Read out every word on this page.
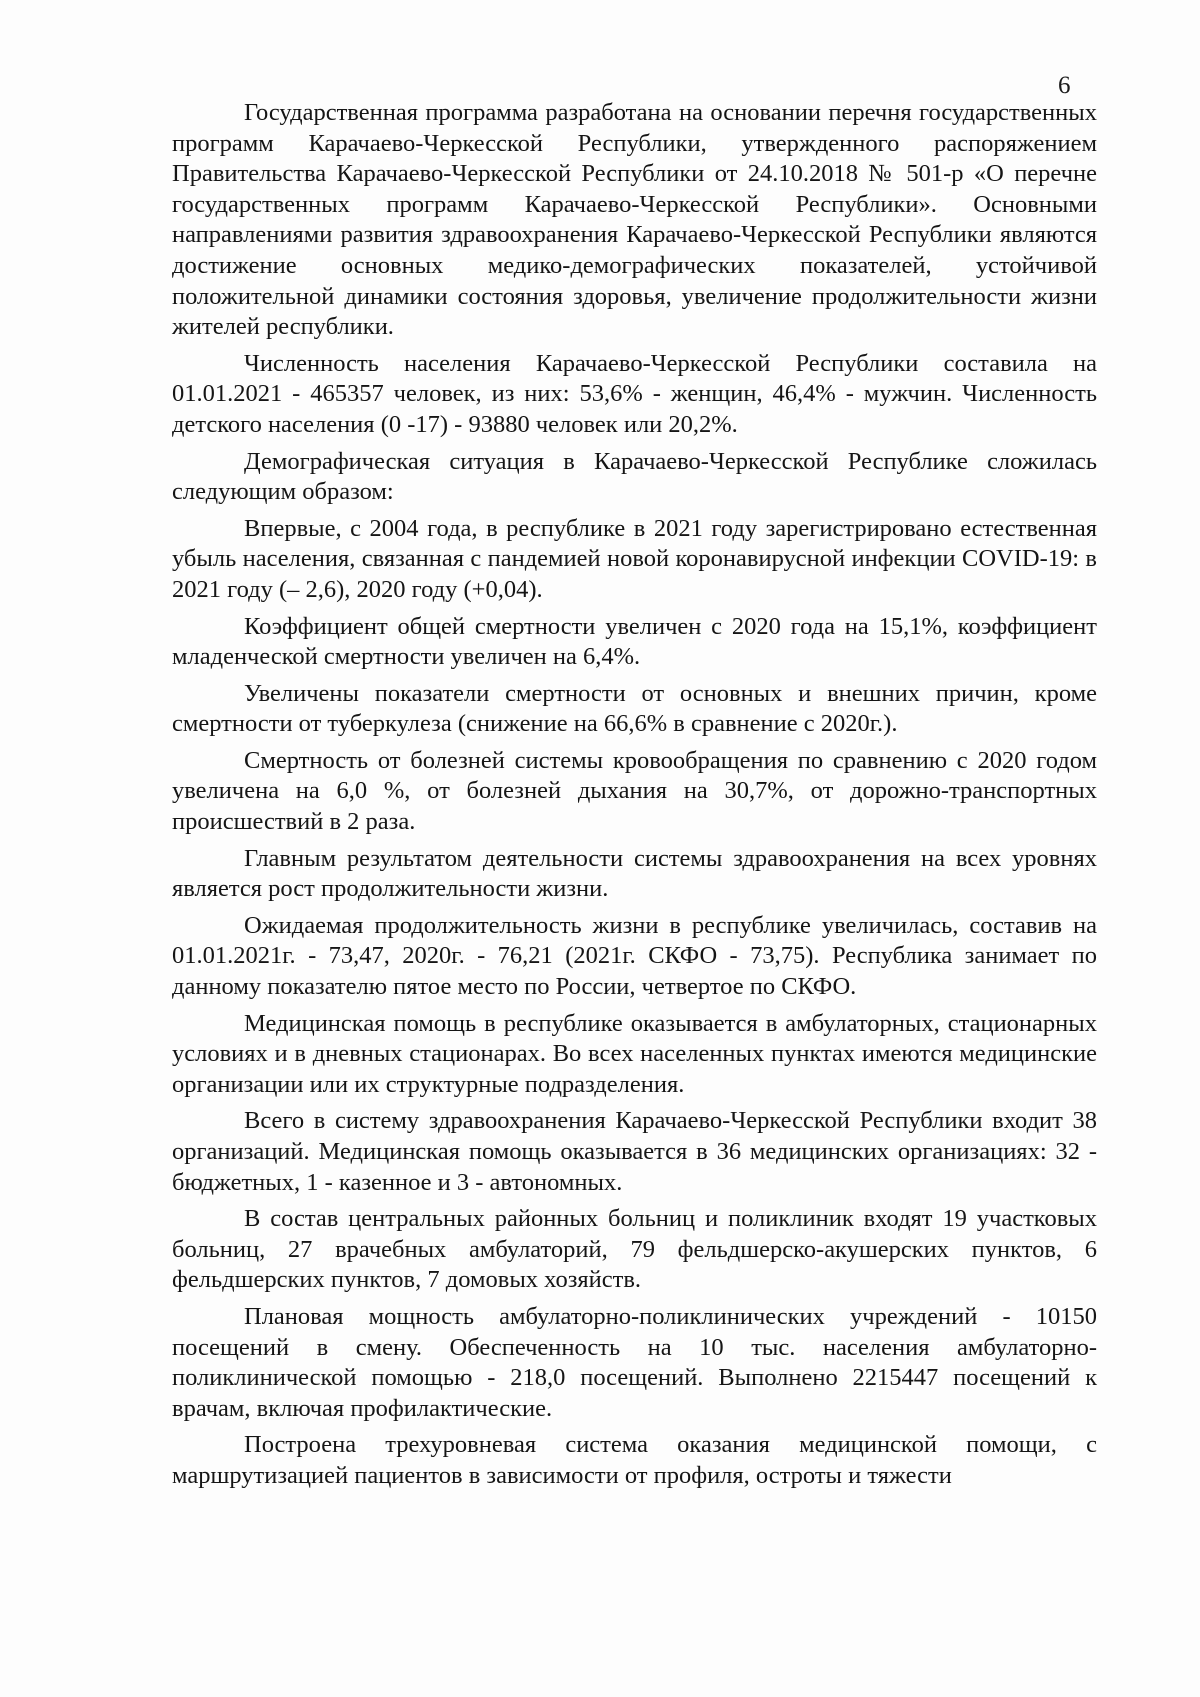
6

Государственная программа разработана на основании перечня государственных программ Карачаево-Черкесской Республики, утвержденного распоряжением Правительства Карачаево-Черкесской Республики от 24.10.2018 № 501-р «О перечне государственных программ Карачаево-Черкесской Республики». Основными направлениями развития здравоохранения Карачаево-Черкесской Республики являются достижение основных медико-демографических показателей, устойчивой положительной динамики состояния здоровья, увеличение продолжительности жизни жителей республики.

Численность населения Карачаево-Черкесской Республики составила на 01.01.2021 - 465357 человек, из них: 53,6% - женщин, 46,4% - мужчин. Численность детского населения (0 -17) - 93880 человек или 20,2%.

Демографическая ситуация в Карачаево-Черкесской Республике сложилась следующим образом:

Впервые, с 2004 года, в республике в 2021 году зарегистрировано естественная убыль населения, связанная с пандемией новой коронавирусной инфекции COVID-19: в 2021 году (– 2,6), 2020 году (+0,04).

Коэффициент общей смертности увеличен с 2020 года на 15,1%, коэффициент младенческой смертности увеличен на 6,4%.

Увеличены показатели смертности от основных и внешних причин, кроме смертности от туберкулеза (снижение на 66,6% в сравнение с 2020г.).

Смертность от болезней системы кровообращения по сравнению с 2020 годом увеличена на 6,0 %, от болезней дыхания на 30,7%, от дорожно-транспортных происшествий в 2 раза.

Главным результатом деятельности системы здравоохранения на всех уровнях является рост продолжительности жизни.

Ожидаемая продолжительность жизни в республике увеличилась, составив на 01.01.2021г. - 73,47, 2020г. - 76,21 (2021г. СКФО - 73,75). Республика занимает по данному показателю пятое место по России, четвертое по СКФО.

Медицинская помощь в республике оказывается в амбулаторных, стационарных условиях и в дневных стационарах. Во всех населенных пунктах имеются медицинские организации или их структурные подразделения.

Всего в систему здравоохранения Карачаево-Черкесской Республики входит 38 организаций. Медицинская помощь оказывается в 36 медицинских организациях: 32 - бюджетных, 1 - казенное и 3 - автономных.

В состав центральных районных больниц и поликлиник входят 19 участковых больниц, 27 врачебных амбулаторий, 79 фельдшерско-акушерских пунктов, 6 фельдшерских пунктов, 7 домовых хозяйств.

Плановая мощность амбулаторно-поликлинических учреждений - 10150 посещений в смену. Обеспеченность на 10 тыс. населения амбулаторно-поликлинической помощью - 218,0 посещений. Выполнено 2215447 посещений к врачам, включая профилактические.

Построена трехуровневая система оказания медицинской помощи, с маршрутизацией пациентов в зависимости от профиля, остроты и тяжести
